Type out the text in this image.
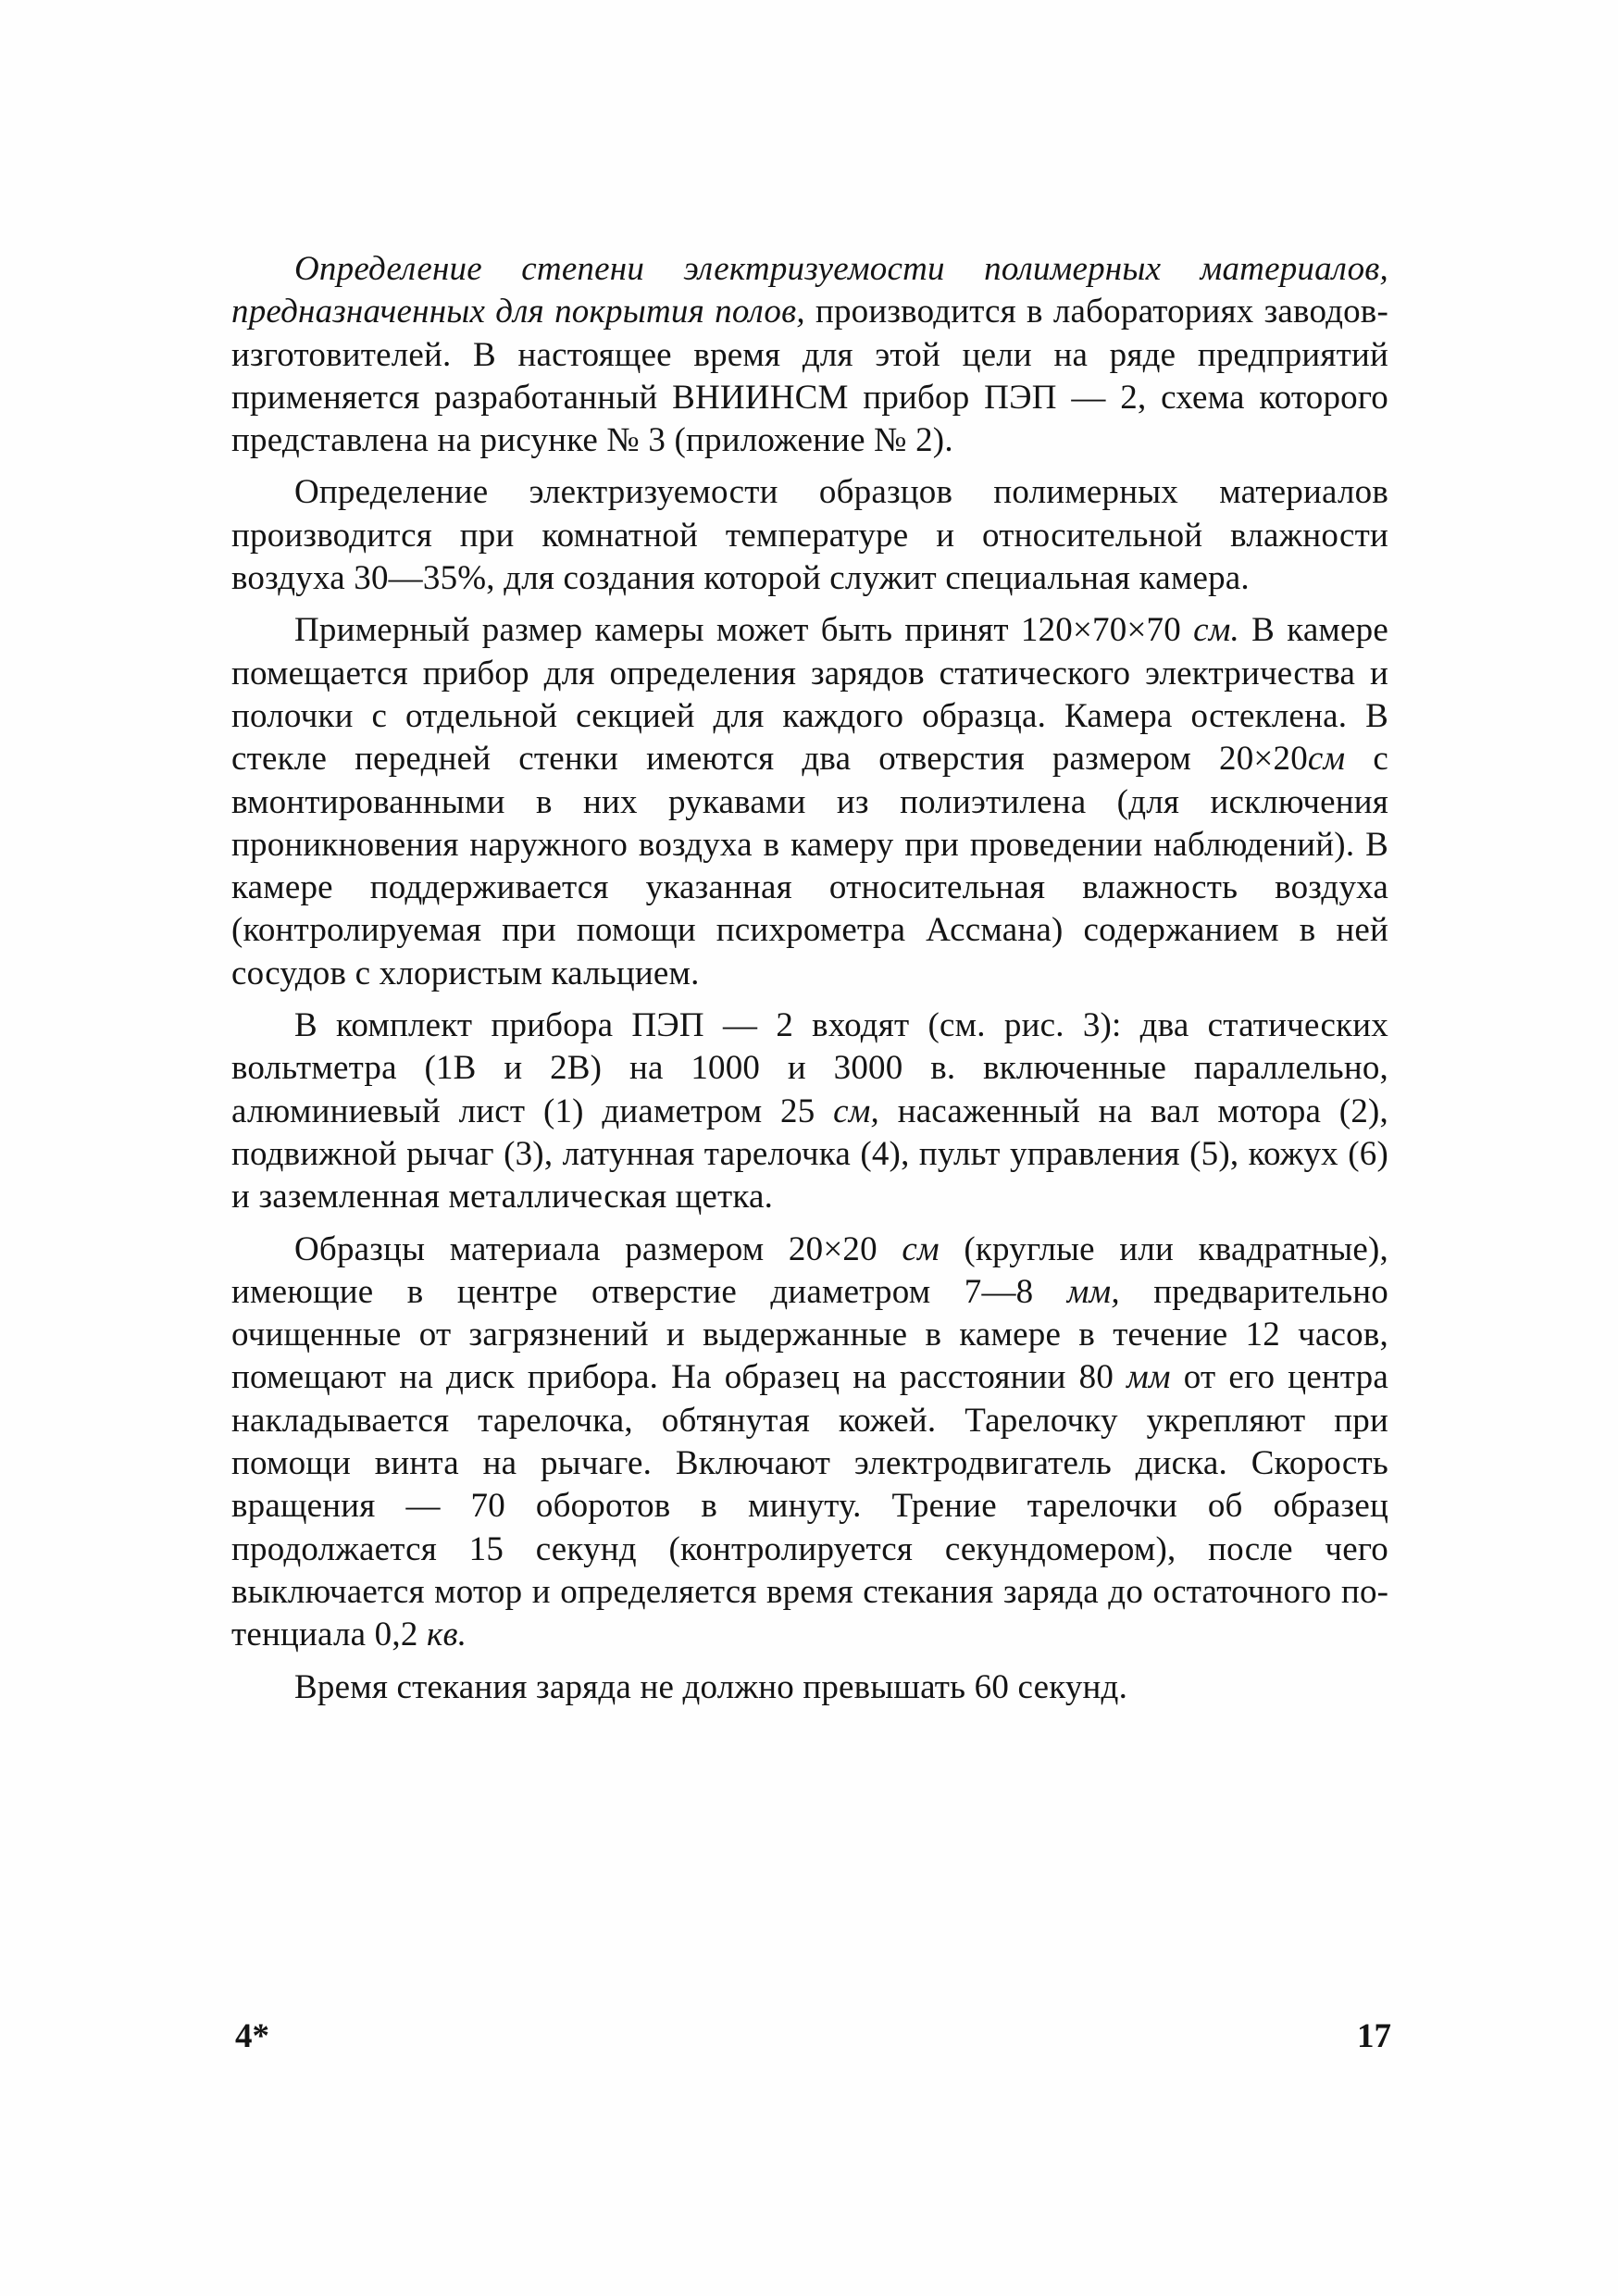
Определение степени электризуемости полимерных материалов, предназначенных для покрытия полов, производится в лабораториях заводов-изготовителей. В настоящее время для этой цели на ряде предприятий применяется разработанный ВНИИНСМ прибор ПЭП — 2, схема которого представлена на рисунке № 3 (приложение № 2).

Определение электризуемости образцов полимерных материалов производится при комнатной температуре и относительной влажности воздуха 30—35%, для создания которой служит специальная камера.

Примерный размер камеры может быть принят 120×70×70 см. В камере помещается прибор для определения зарядов статического электричества и полочки с отдельной секцией для каждого образца. Камера остеклена. В стекле передней стенки имеются два отверстия размером 20×20см с вмонтированными в них рукавами из полиэтилена (для исключения проникновения наружного воздуха в камеру при проведении наблюдений). В камере поддерживается указанная относительная влажность воздуха (контролируемая при помощи психрометра Ассмана) содержанием в ней сосудов с хлористым кальцием.

В комплект прибора ПЭП — 2 входят (см. рис. 3): два статических вольтметра (1В и 2В) на 1000 и 3000 в. включенные параллельно, алюминиевый лист (1) диаметром 25 см, насаженный на вал мотора (2), подвижной рычаг (3), латунная тарелочка (4), пульт управления (5), кожух (6) и заземленная металлическая щетка.

Образцы материала размером 20×20 см (круглые или квадратные), имеющие в центре отверстие диаметром 7—8 мм, предварительно очищенные от загрязнений и выдержанные в камере в течение 12 часов, помещают на диск прибора. На образец на расстоянии 80 мм от его центра накладывается тарелочка, обтянутая кожей. Тарелочку укрепляют при помощи винта на рычаге. Включают электродвигатель диска. Скорость вращения — 70 оборотов в минуту. Трение тарелочки об образец продолжается 15 секунд (контролируется секундомером), после чего выключается мотор и определяется время стекания заряда до остаточного потенциала 0,2 кв.

Время стекания заряда не должно превышать 60 секунд.

4*	17
